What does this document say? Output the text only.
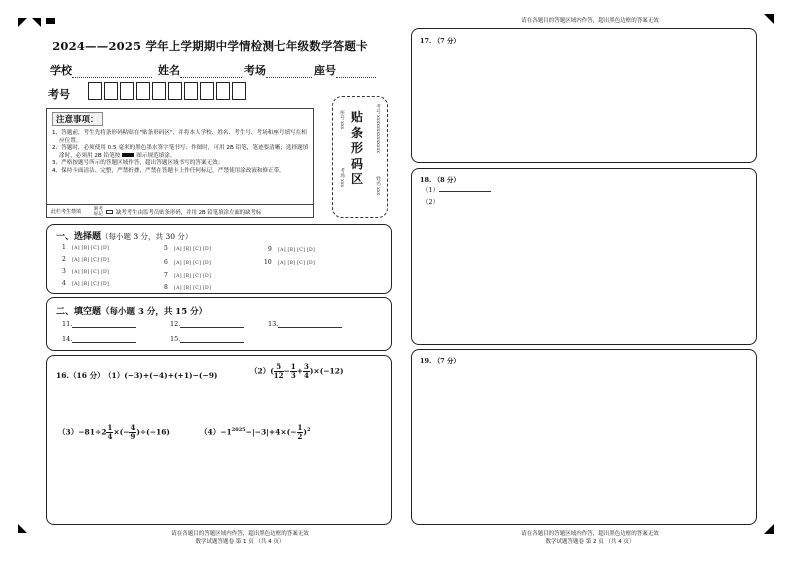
2024——2025 学年上学期期中学情检测七年级数学答题卡
学校	姓名	考场	座号
考号
注意事项：

1、答题前，考生先将条形码粘贴在"贴条形码区"，并将本人学校、姓名、考生号、考场和座号填写在相应位置。

2、答题时，必须使用 0.5 毫米的黑色墨水签字笔书写；作图时，可用 2B 铅笔，笔迹要清晰；选择题填涂时，必须用 2B 铅笔按	图示规范填涂。

3、严格按题号所示的答题区域作答，超出答题区域书写的答案无效；

4、保持卡面清洁、完整，严禁折叠，严禁在答题卡上作任何标记，严禁使用涂改液和修正带。

此栏考生禁填	缺考
标记 缺考考生由监考员贴条形码，并用 2B 铅笔填涂左面的缺考标
贴
条
形
码
区
座号 xxx
考场 xxx
考号 xxxxxxxxxxxxxx
姓名 xxx
一、选择题（每小题 3 分，共 30 分）
1 [A] [B] [C] [D]
2 [A] [B] [C] [D]
3 [A] [B] [C] [D]
4 [A] [B] [C] [D]
5 [A] [B] [C] [D]
6 [A] [B] [C] [D]
7 [A] [B] [C] [D]
8 [A] [B] [C] [D]
9 [A] [B] [C] [D]
10 [A] [B] [C] [D]
二、填空题（每小题 3 分，共 15 分）
11.	12.	13.
14.	15.
16.（16 分） （1）(−3)+(−4)+(+1)−(−9)	$(2)( \frac{5}{12} - \frac{1}{3} + \frac{3}{4} )\times(-12)$
$(3)-81\div 2 \frac{1}{4}$ ×(− $\frac{4}{9} )\div(-16)$	$(4)-1^{2025}-|-3|+4\times(- \frac{1}{2} )^2$
请在各题目的答题区域内作答，超出黑色边框的答案无效
数学试题答题卷 第 1 页 （共 4 页）
请在各题目的答题区域内作答，超出黑色边框的答案无效
17. （7 分）
18. （8 分）
（1）
（2）
19. （7 分）
请在各题目的答题区域内作答，超出黑色边框的答案无效
数学试题答题卷 第 2 页 （共 4 页）
